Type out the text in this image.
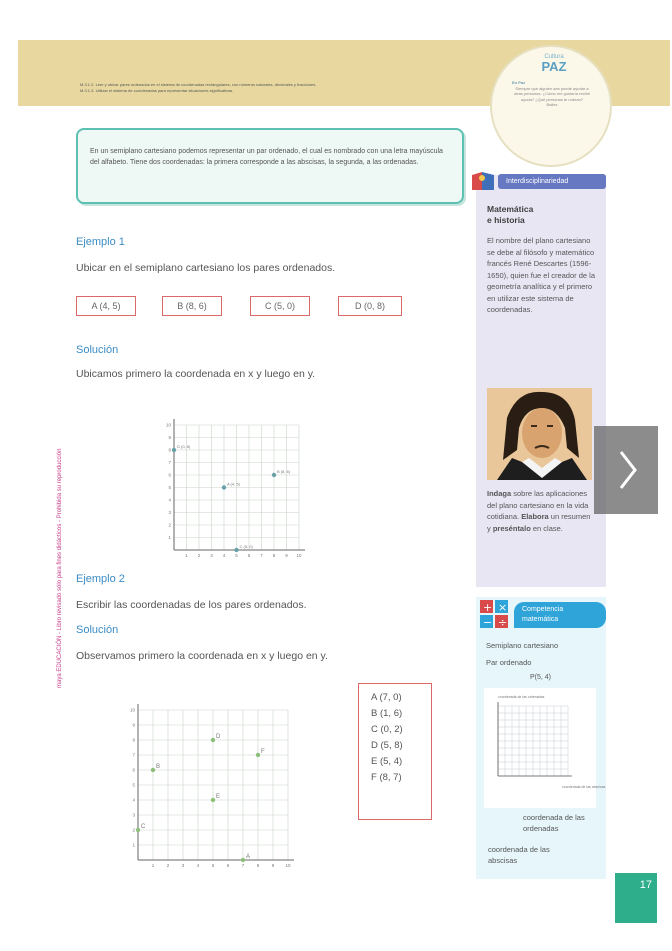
M.3.1.2. Leer y ubicar pares ordenados en el sistema de coordenadas rectangulares, con números naturales, decimales y fracciones.
M.3.1.3. Utilizar el sistema de coordenadas para representar situaciones significativas.
Cultura
PAZ
En Paz
Siempre que alguien sea puede ayudar a otras personas. ¿Cómo me gustaría recibir ayuda? ¿Qué personas te rodean?
Bailes
maya EDUCACIÓN - Libro revisado sólo para fines didácticos - Prohibida su reproducción

En un semiplano cartesiano podemos representar un par ordenado, el cual es nombrado con una letra mayúscula del alfabeto. Tiene dos coordenadas: la primera corresponde a las abscisas, la segunda, a las ordenadas.

Ejemplo 1
Ubicar en el semiplano cartesiano los pares ordenados.
A (4, 5)	B (8, 6)	C (5, 0)	D (0, 8)
Solución
Ubicamos primero la coordenada en x y luego en y.
1 2 3 4 5 6 7 8 9 10
1
2
3
4
5
6
7
8
9
10
A (4, 5)
B (8, 6)
C (5, 0)
D (0, 8)
Ejemplo 2
Escribir las coordenadas de los pares ordenados.
Solución
Observamos primero la coordenada en x y luego en y.
1	2	3	4	5	6	7	8	9 10
1
2
3
4
5
6
7
8
9
10
A
B
C
D
E
F
A (7, 0)
B (1, 6)
C (0, 2)
D (5, 8)
E (5, 4)
F (8, 7)
Interdisciplinariedad
Matemática
e historia
El nombre del plano cartesiano se debe al filósofo y matemático francés René Descartes (1596-1650), quien fue el creador de la geometría analítica y el primero en utilizar este sistema de coordenadas.
Indaga sobre las aplicaciones del plano cartesiano en la vida cotidiana. Elabora un resumen y preséntalo en clase.
+ ×
− ÷
Competencia
matemática
Semiplano cartesiano
Par ordenado
P(5, 4)
coordenada de las ordenadas
coordenada de las abscisas
coordenada de las ordenadas
coordenada de las abscisas
17
